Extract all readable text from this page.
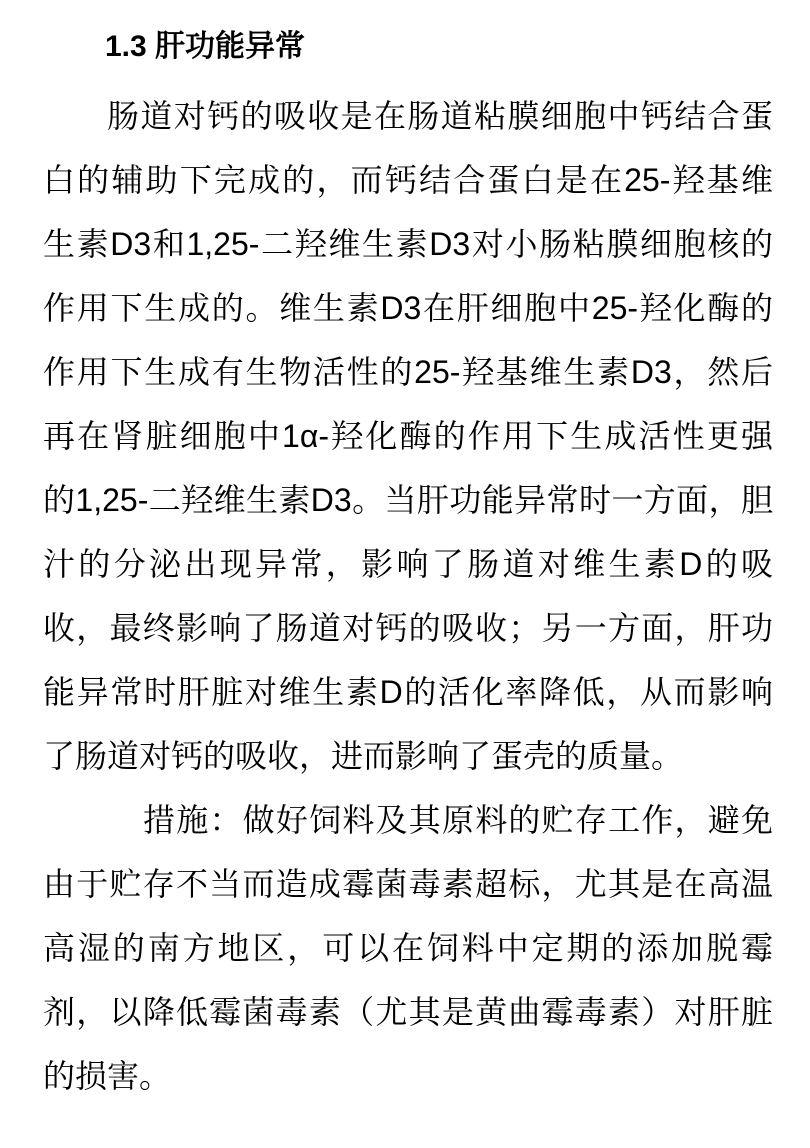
1.3 肝功能异常
肠道对钙的吸收是在肠道粘膜细胞中钙结合蛋
白的辅助下完成的，而钙结合蛋白是在25-羟基维
生素D3和1,25-二羟维生素D3对小肠粘膜细胞核的
作用下生成的。维生素D3在肝细胞中25-羟化酶的
作用下生成有生物活性的25-羟基维生素D3，然后
再在肾脏细胞中1α-羟化酶的作用下生成活性更强
的1,25-二羟维生素D3。当肝功能异常时一方面，胆
汁的分泌出现异常，影响了肠道对维生素D的吸
收，最终影响了肠道对钙的吸收；另一方面，肝功
能异常时肝脏对维生素D的活化率降低，从而影响
了肠道对钙的吸收，进而影响了蛋壳的质量。
措施：做好饲料及其原料的贮存工作，避免
由于贮存不当而造成霉菌毒素超标，尤其是在高温
高湿的南方地区，可以在饲料中定期的添加脱霉
剂，以降低霉菌毒素（尤其是黄曲霉毒素）对肝脏
的损害。
